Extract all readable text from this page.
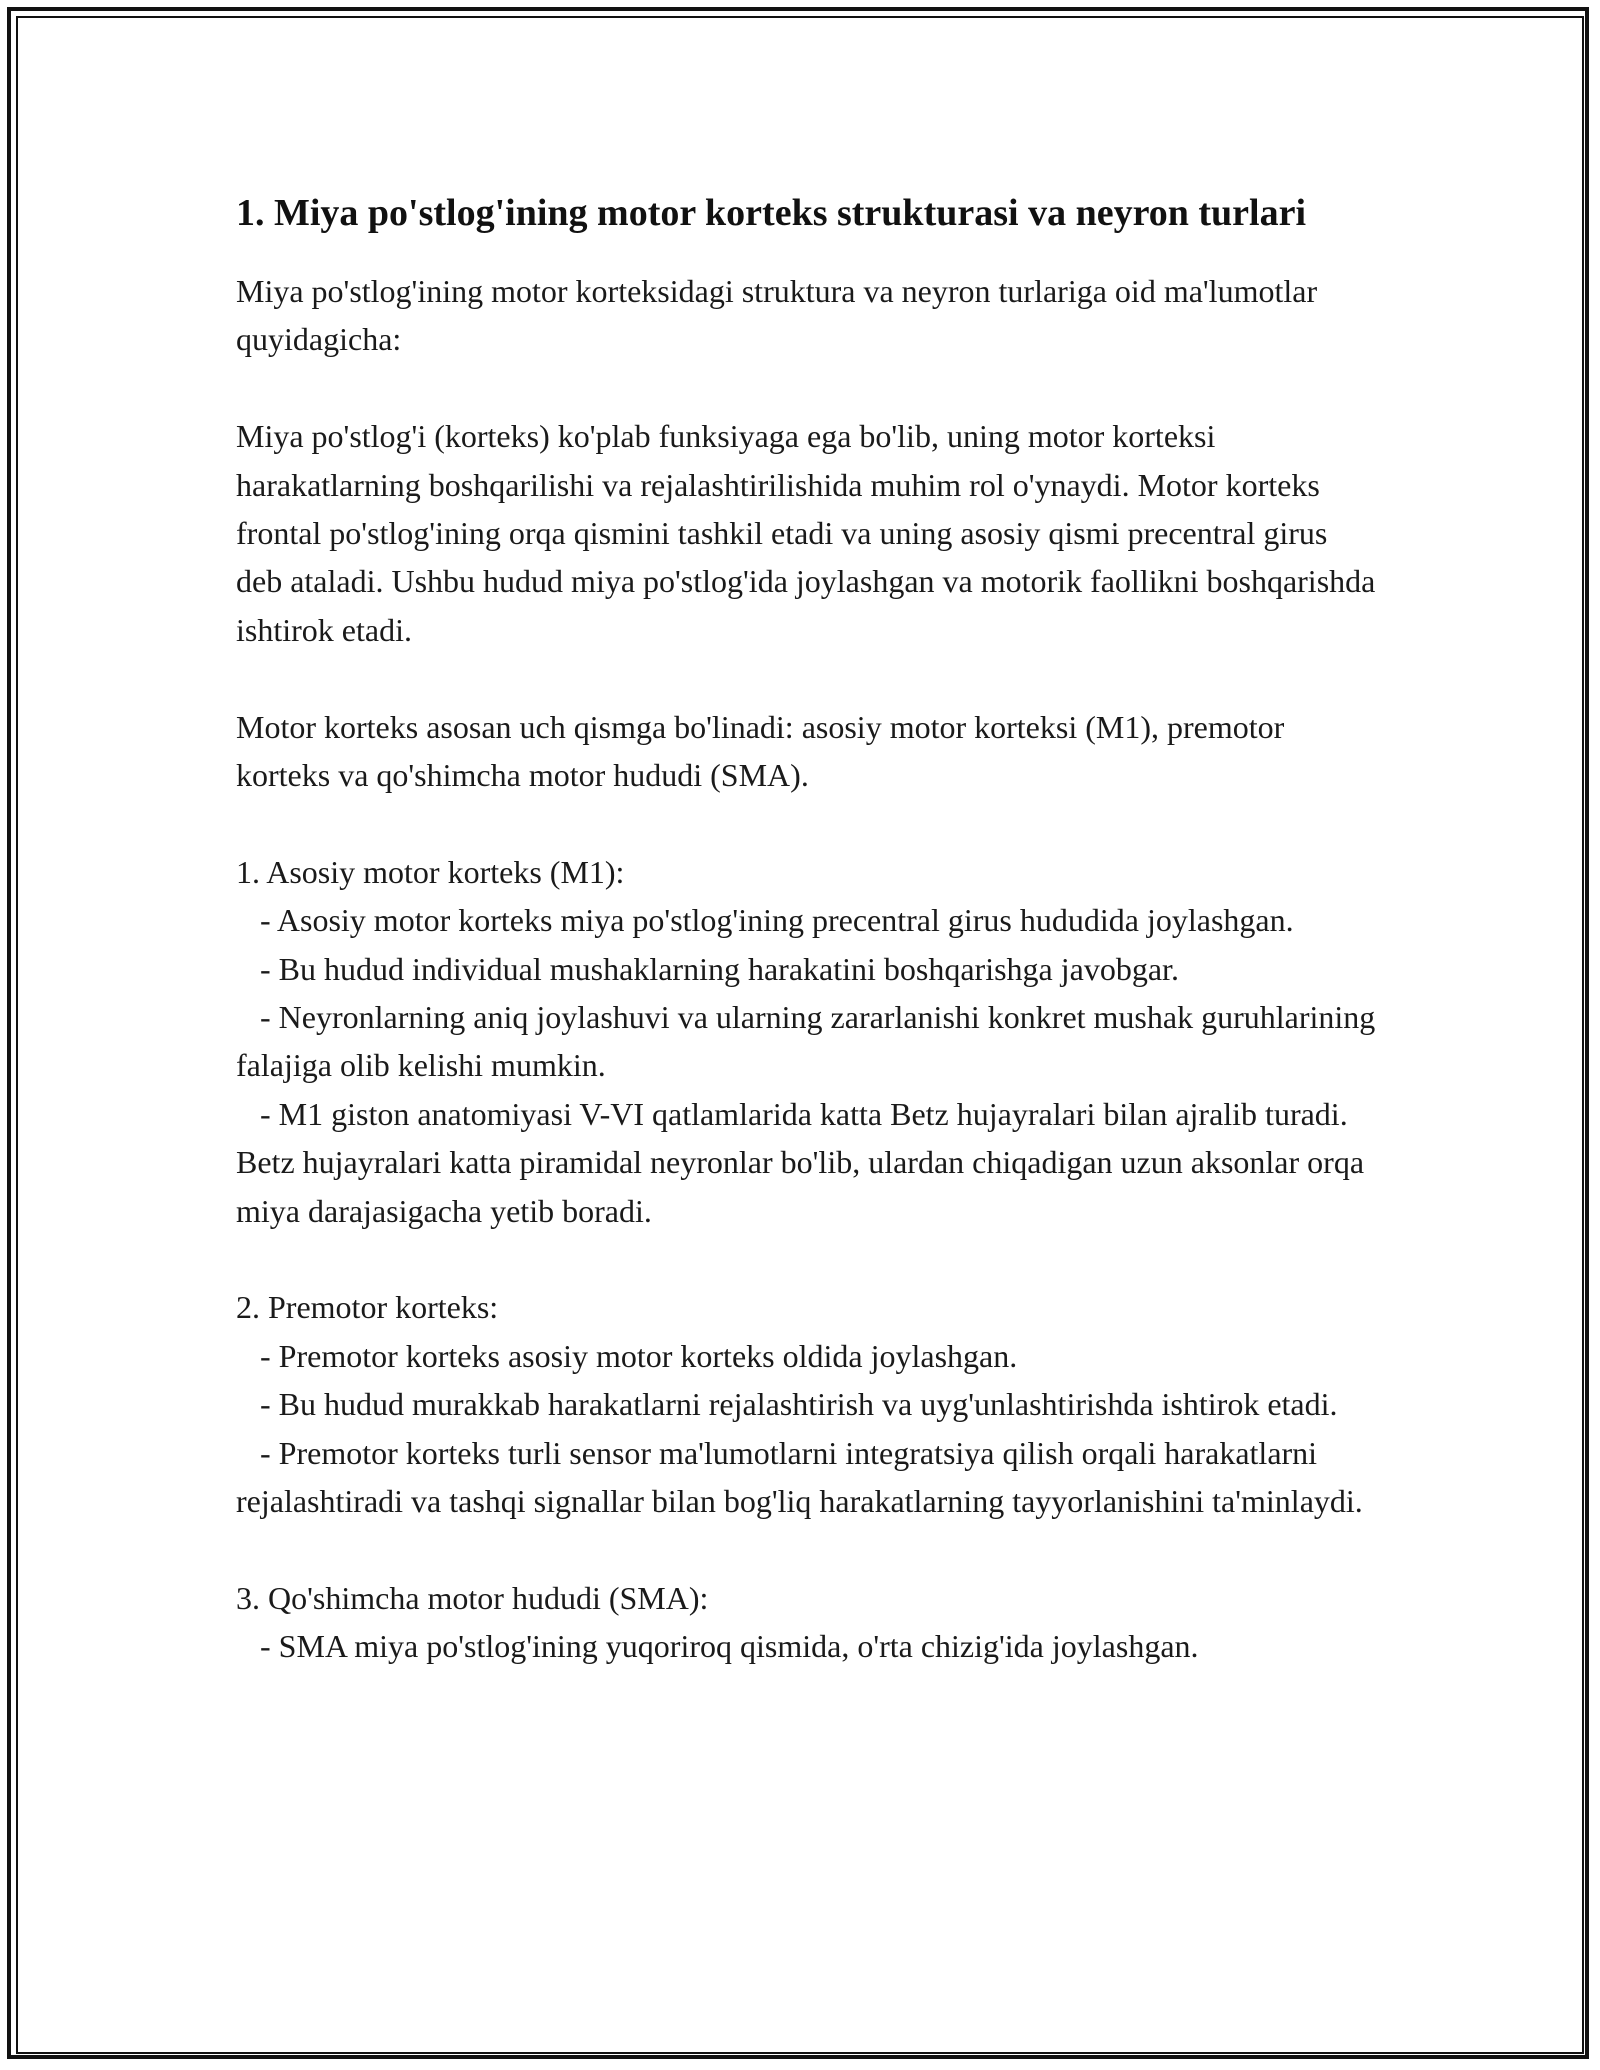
1. Miya po'stlog'ining motor korteks strukturasi va neyron turlari

Miya po'stlog'ining motor korteksidagi struktura va neyron turlariga oid ma'lumotlar quyidagicha:

Miya po'stlog'i (korteks) ko'plab funksiyaga ega bo'lib, uning motor korteksi harakatlarning boshqarilishi va rejalashtirilishida muhim rol o'ynaydi. Motor korteks frontal po'stlog'ining orqa qismini tashkil etadi va uning asosiy qismi precentral girus deb ataladi. Ushbu hudud miya po'stlog'ida joylashgan va motorik faollikni boshqarishda ishtirok etadi.

Motor korteks asosan uch qismga bo'linadi: asosiy motor korteksi (M1), premotor korteks va qo'shimcha motor hududi (SMA).

1. Asosiy motor korteks (M1):

- Asosiy motor korteks miya po'stlog'ining precentral girus hududida joylashgan.

- Bu hudud individual mushaklarning harakatini boshqarishga javobgar.

- Neyronlarning aniq joylashuvi va ularning zararlanishi konkret mushak guruhlarining falajiga olib kelishi mumkin.

- M1 giston anatomiyasi V-VI qatlamlarida katta Betz hujayralari bilan ajralib turadi. Betz hujayralari katta piramidal neyronlar bo'lib, ulardan chiqadigan uzun aksonlar orqa miya darajasigacha yetib boradi.

2. Premotor korteks:

- Premotor korteks asosiy motor korteks oldida joylashgan.

- Bu hudud murakkab harakatlarni rejalashtirish va uyg'unlashtirishda ishtirok etadi.

- Premotor korteks turli sensor ma'lumotlarni integratsiya qilish orqali harakatlarni rejalashtiradi va tashqi signallar bilan bog'liq harakatlarning tayyorlanishini ta'minlaydi.

3. Qo'shimcha motor hududi (SMA):

- SMA miya po'stlog'ining yuqoriroq qismida, o'rta chizig'ida joylashgan.
